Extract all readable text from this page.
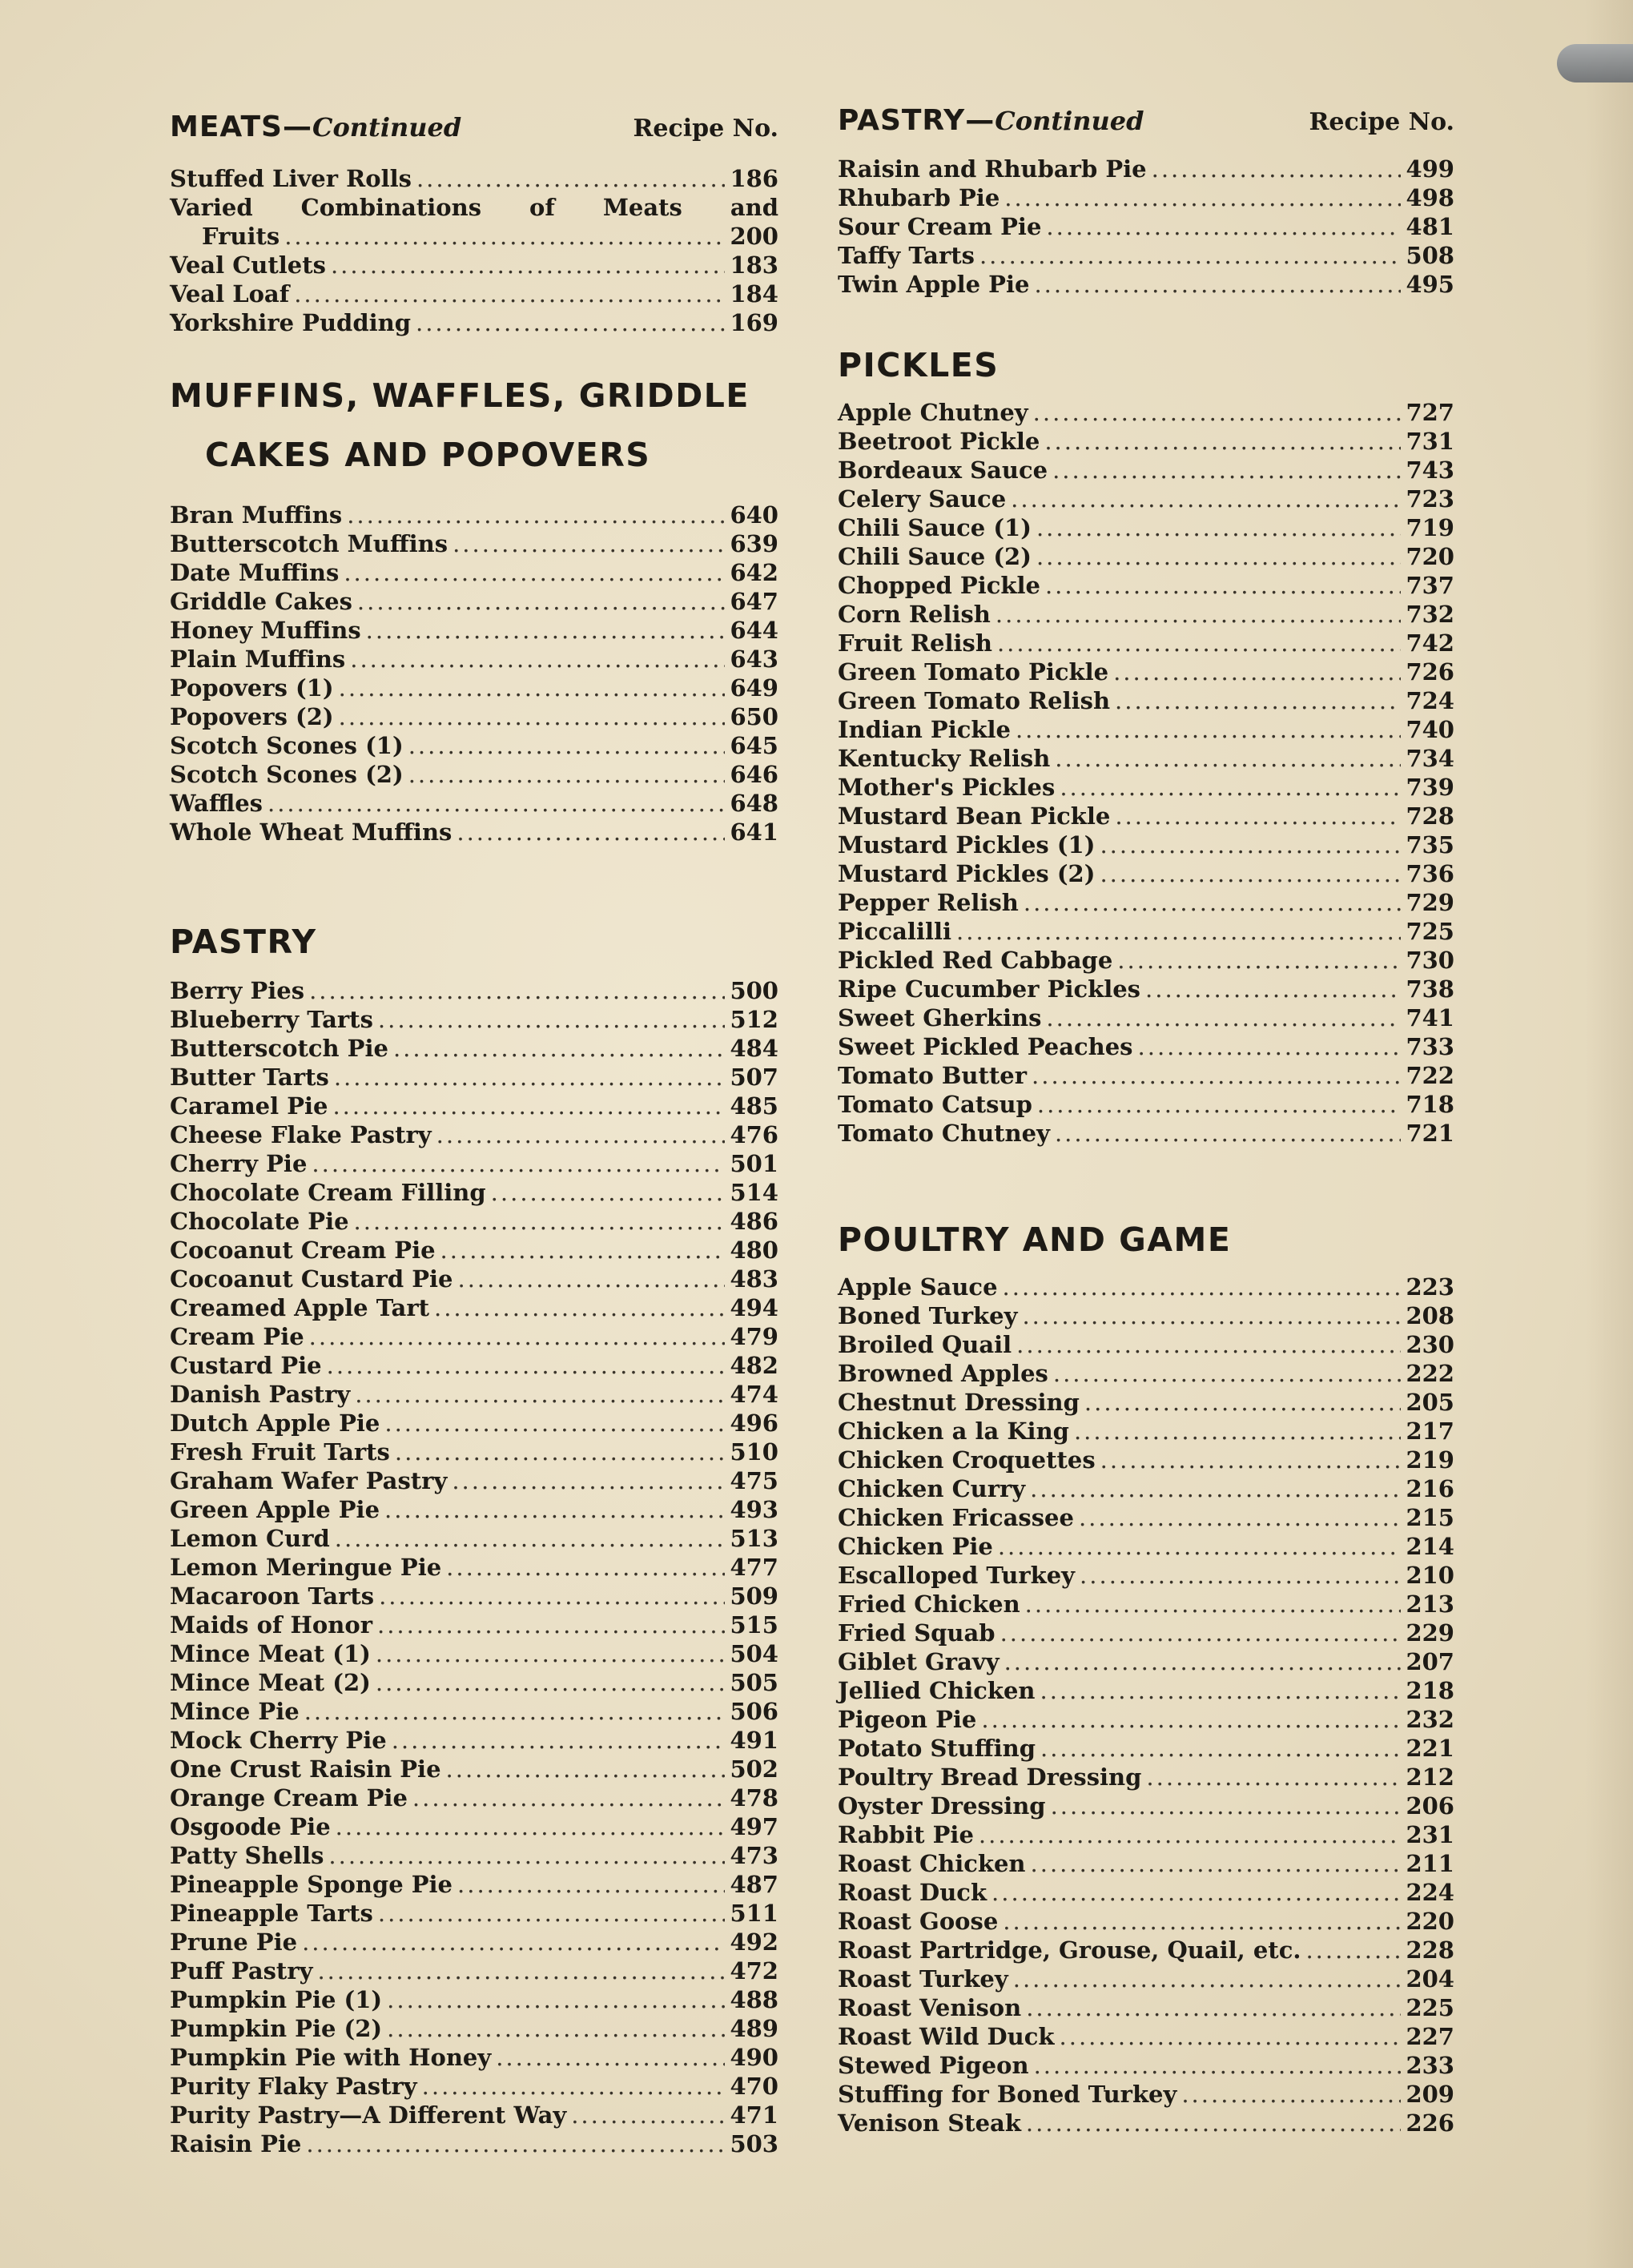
MEATS—Continued	Recipe No.
Stuffed Liver Rolls .....	186
Varied Combinations of Meats and
Fruits .....	200
Veal Cutlets .....	183
Veal Loaf .....	184
Yorkshire Pudding .....	169
MUFFINS, WAFFLES, GRIDDLE
CAKES AND POPOVERS
Bran Muffins .....	640
Butterscotch Muffins .....	639
Date Muffins .....	642
Griddle Cakes .....	647
Honey Muffins .....	644
Plain Muffins .....	643
Popovers (1) .....	649
Popovers (2) .....	650
Scotch Scones (1) .....	645
Scotch Scones (2) .....	646
Waffles .....	648
Whole Wheat Muffins .....	641
PASTRY
Berry Pies .....	500
Blueberry Tarts .....	512
Butterscotch Pie .....	484
Butter Tarts .....	507
Caramel Pie .....	485
Cheese Flake Pastry .....	476
Cherry Pie .....	501
Chocolate Cream Filling .....	514
Chocolate Pie .....	486
Cocoanut Cream Pie .....	480
Cocoanut Custard Pie .....	483
Creamed Apple Tart .....	494
Cream Pie .....	479
Custard Pie .....	482
Danish Pastry .....	474
Dutch Apple Pie .....	496
Fresh Fruit Tarts .....	510
Graham Wafer Pastry .....	475
Green Apple Pie .....	493
Lemon Curd .....	513
Lemon Meringue Pie .....	477
Macaroon Tarts .....	509
Maids of Honor .....	515
Mince Meat (1) .....	504
Mince Meat (2) .....	505
Mince Pie .....	506
Mock Cherry Pie .....	491
One Crust Raisin Pie .....	502
Orange Cream Pie .....	478
Osgoode Pie .....	497
Patty Shells .....	473
Pineapple Sponge Pie .....	487
Pineapple Tarts .....	511
Prune Pie .....	492
Puff Pastry .....	472
Pumpkin Pie (1) .....	488
Pumpkin Pie (2) .....	489
Pumpkin Pie with Honey .....	490
Purity Flaky Pastry .....	470
Purity Pastry—A Different Way .....	471
Raisin Pie .....	503
PASTRY—Continued	Recipe No.
Raisin and Rhubarb Pie .....	499
Rhubarb Pie .....	498
Sour Cream Pie .....	481
Taffy Tarts .....	508
Twin Apple Pie .....	495
PICKLES
Apple Chutney .....	727
Beetroot Pickle .....	731
Bordeaux Sauce .....	743
Celery Sauce .....	723
Chili Sauce (1) .....	719
Chili Sauce (2) .....	720
Chopped Pickle .....	737
Corn Relish .....	732
Fruit Relish .....	742
Green Tomato Pickle .....	726
Green Tomato Relish .....	724
Indian Pickle .....	740
Kentucky Relish .....	734
Mother's Pickles .....	739
Mustard Bean Pickle .....	728
Mustard Pickles (1) .....	735
Mustard Pickles (2) .....	736
Pepper Relish .....	729
Piccalilli .....	725
Pickled Red Cabbage .....	730
Ripe Cucumber Pickles .....	738
Sweet Gherkins .....	741
Sweet Pickled Peaches .....	733
Tomato Butter .....	722
Tomato Catsup .....	718
Tomato Chutney .....	721
POULTRY AND GAME
Apple Sauce .....	223
Boned Turkey .....	208
Broiled Quail .....	230
Browned Apples .....	222
Chestnut Dressing .....	205
Chicken a la King .....	217
Chicken Croquettes .....	219
Chicken Curry .....	216
Chicken Fricassee .....	215
Chicken Pie .....	214
Escalloped Turkey .....	210
Fried Chicken .....	213
Fried Squab .....	229
Giblet Gravy .....	207
Jellied Chicken .....	218
Pigeon Pie .....	232
Potato Stuffing .....	221
Poultry Bread Dressing .....	212
Oyster Dressing .....	206
Rabbit Pie .....	231
Roast Chicken .....	211
Roast Duck .....	224
Roast Goose .....	220
Roast Partridge, Grouse, Quail, etc. .....	228
Roast Turkey .....	204
Roast Venison .....	225
Roast Wild Duck .....	227
Stewed Pigeon .....	233
Stuffing for Boned Turkey .....	209
Venison Steak .....	226
